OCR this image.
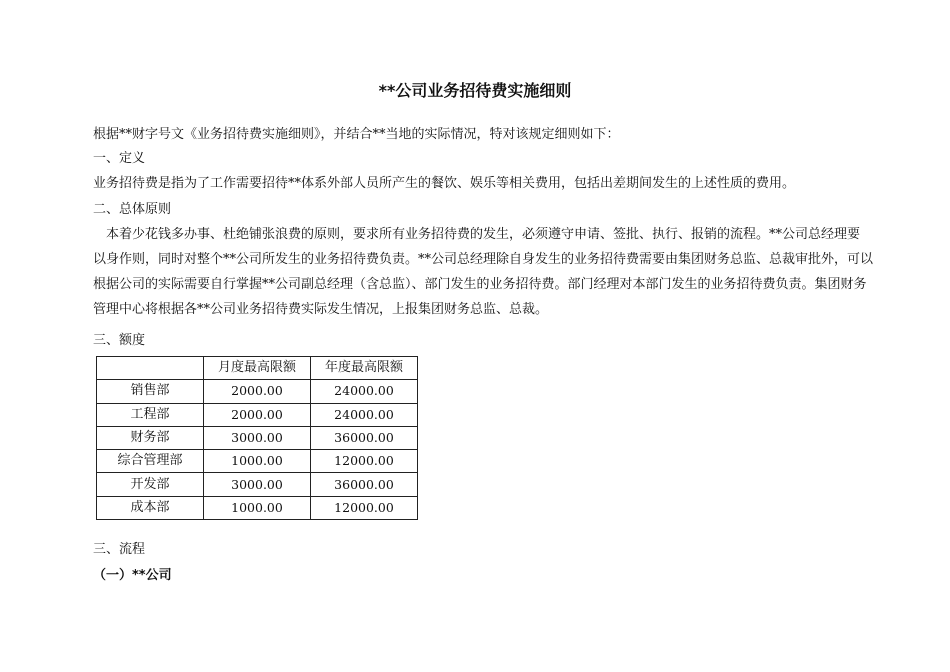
**公司业务招待费实施细则

根据**财字号文《业务招待费实施细则》，并结合**当地的实际情况，特对该规定细则如下：

一、定义

业务招待费是指为了工作需要招待**体系外部人员所产生的餐饮、娱乐等相关费用，包括出差期间发生的上述性质的费用。

二、总体原则

　本着少花钱多办事、杜绝铺张浪费的原则，要求所有业务招待费的发生，必须遵守申请、签批、执行、报销的流程。**公司总经理要

以身作则，同时对整个**公司所发生的业务招待费负责。**公司总经理除自身发生的业务招待费需要由集团财务总监、总裁审批外，可以

根据公司的实际需要自行掌握**公司副总经理（含总监）、部门发生的业务招待费。部门经理对本部门发生的业务招待费负责。集团财务

管理中心将根据各**公司业务招待费实际发生情况，上报集团财务总监、总裁。

三、额度

	月度最高限额	年度最高限额
销售部	2000.00	24000.00
工程部	2000.00	24000.00
财务部	3000.00	36000.00
综合管理部	1000.00	12000.00
开发部	3000.00	36000.00
成本部	1000.00	12000.00

三、流程

（一）**公司
